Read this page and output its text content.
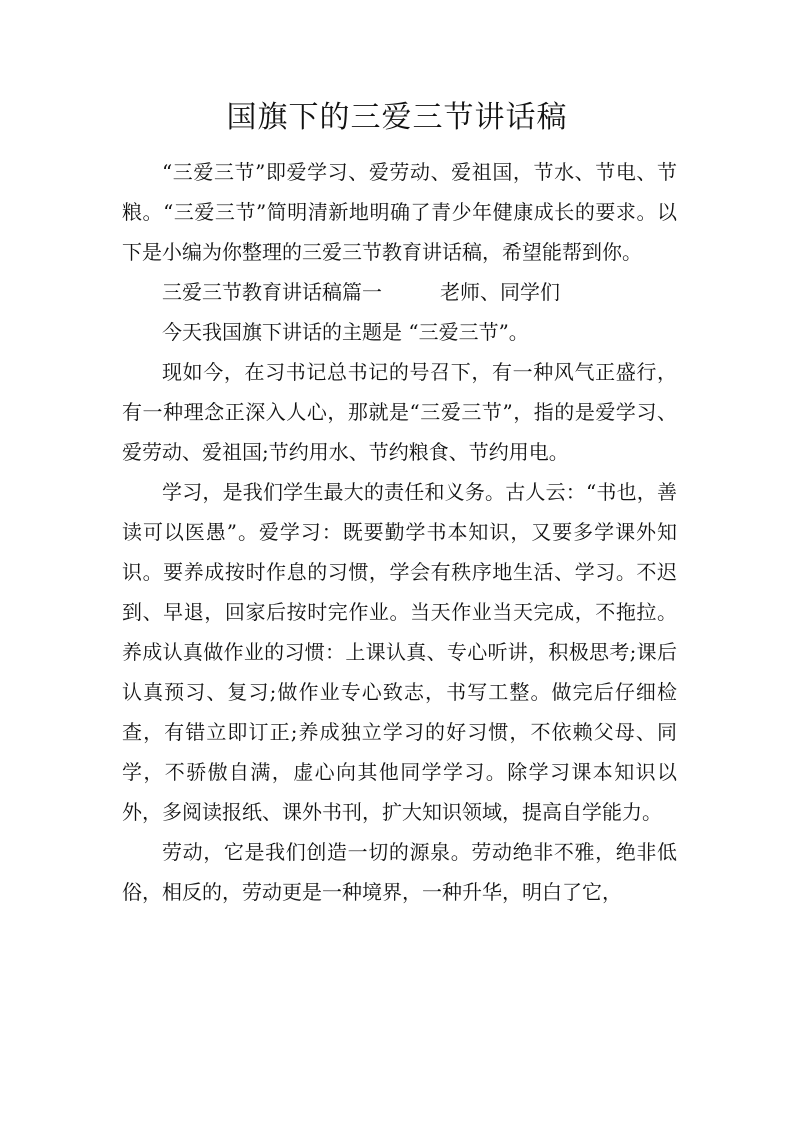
国旗下的三爱三节讲话稿

“三爱三节”即爱学习、爱劳动、爱祖国，节水、节电、节粮。“三爱三节”简明清新地明确了青少年健康成长的要求。以下是小编为你整理的三爱三节教育讲话稿，希望能帮到你。

三爱三节教育讲话稿篇一	老师、同学们

今天我国旗下讲话的主题是 “三爱三节”。

现如今，在习书记总书记的号召下，有一种风气正盛行，有一种理念正深入人心，那就是“三爱三节”，指的是爱学习、爱劳动、爱祖国;节约用水、节约粮食、节约用电。

学习，是我们学生最大的责任和义务。古人云：“书也，善读可以医愚”。爱学习：既要勤学书本知识，又要多学课外知识。要养成按时作息的习惯，学会有秩序地生活、学习。不迟到、早退，回家后按时完作业。当天作业当天完成，不拖拉。养成认真做作业的习惯：上课认真、专心听讲，积极思考;课后认真预习、复习;做作业专心致志，书写工整。做完后仔细检查，有错立即订正;养成独立学习的好习惯，不依赖父母、同学，不骄傲自满，虚心向其他同学学习。除学习课本知识以外，多阅读报纸、课外书刊，扩大知识领域，提高自学能力。

劳动，它是我们创造一切的源泉。劳动绝非不雅，绝非低俗，相反的，劳动更是一种境界，一种升华，明白了它，
